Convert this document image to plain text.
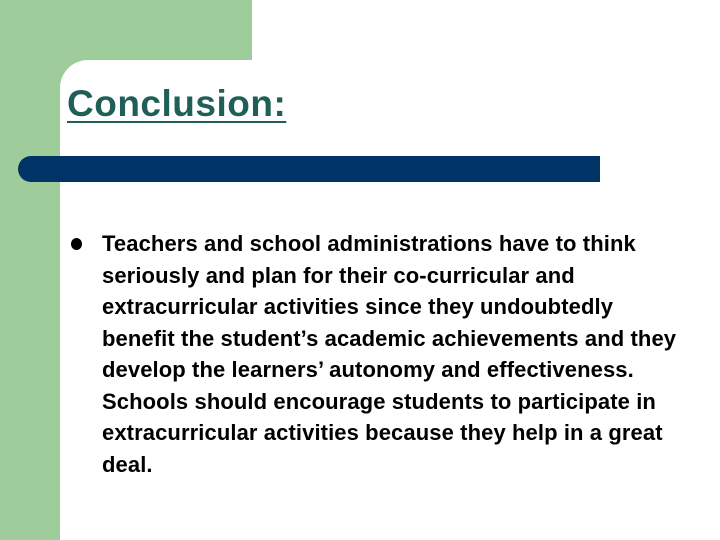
Conclusion:

Teachers and school administrations have to think seriously and plan for their co-curricular and extracurricular activities since they undoubtedly benefit the student’s academic achievements and they develop the learners’ autonomy and effectiveness. Schools should encourage students to participate in extracurricular activities because they help in a great deal.
